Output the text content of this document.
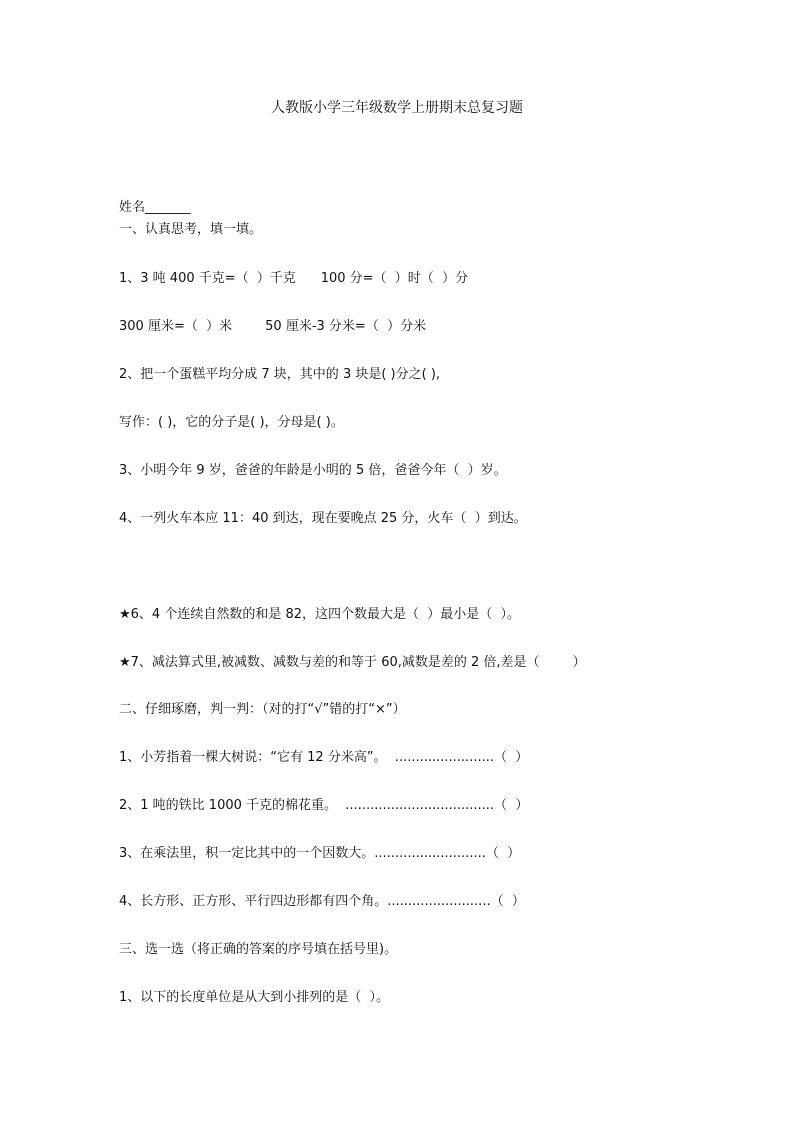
人教版小学三年级数学上册期末总复习题
姓名_______
一、认真思考，填一填。
1、3 吨 400 千克=（  ）千克      100 分=（  ）时（  ）分
300 厘米=（  ）米        50 厘米-3 分米=（  ）分米
2、把一个蛋糕平均分成 7 块，其中的 3 块是( )分之( ),
写作：( )，它的分子是( )，分母是( )。
3、小明今年 9 岁，爸爸的年龄是小明的 5 倍，爸爸今年（  ）岁。
4、一列火车本应 11：40 到达，现在要晚点 25 分，火车（  ）到达。
★6、4 个连续自然数的和是 82，这四个数最大是（  ）最小是（  ）。
★7、减法算式里,被减数、减数与差的和等于 60,减数是差的 2 倍,差是（        ）
二、仔细琢磨，判一判：（对的打“√”错的打“×”）
1、小芳指着一棵大树说：“它有 12 分米高”。  ........................（  ）
2、1 吨的铁比 1000 千克的棉花重。  ....................................（  ）
3、在乘法里，积一定比其中的一个因数大。...........................（  ）
4、长方形、正方形、平行四边形都有四个角。.........................（  ）
三、选一选（将正确的答案的序号填在括号里)。
1、以下的长度单位是从大到小排列的是（  ）。
